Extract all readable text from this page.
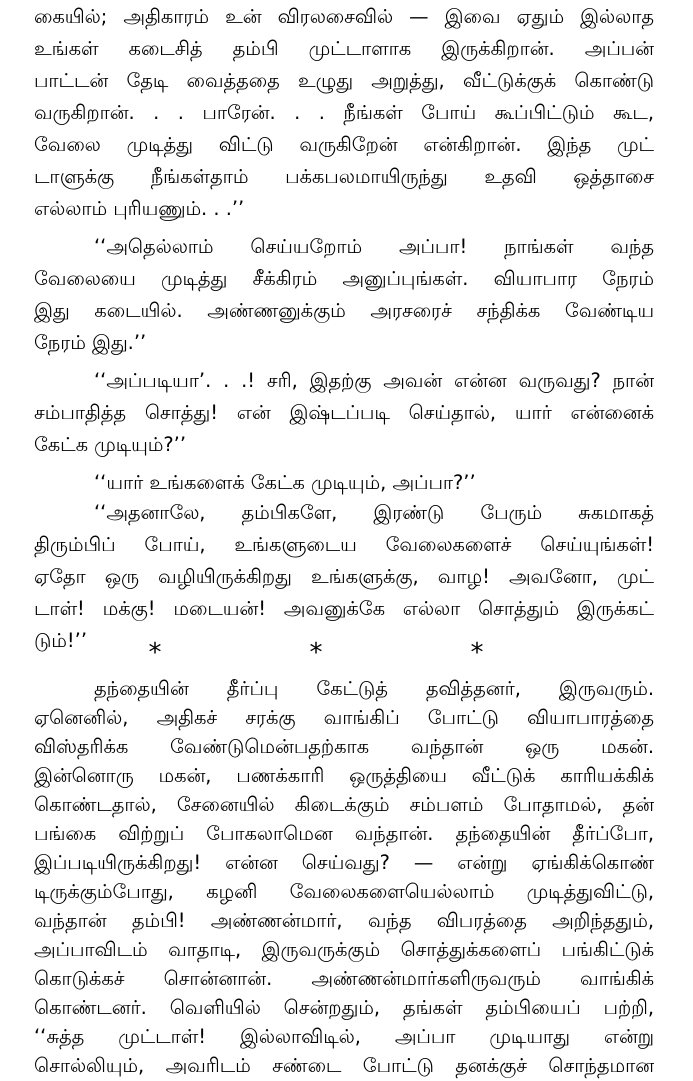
கையில்; அதிகாரம் உன் விரலசைவில் — இவை ஏதும் இல்லாத
உங்கள் கடைசித் தம்பி முட்டாளாக இருக்கிறான். அப்பன்
பாட்டன் தேடி வைத்ததை உழுது அறுத்து, வீட்டுக்குக் கொண்டு
வருகிறான். . . பாரேன். . . நீங்கள் போய் கூப்பிட்டும் கூட,
வேலை முடித்து விட்டு வருகிறேன் என்கிறான். இந்த முட்
டாளுக்கு நீங்கள்தாம் பக்கபலமாயிருந்து உதவி ஒத்தாசை
எல்லாம் புரியணும். . .’’
‘‘அதெல்லாம் செய்யறோம் அப்பா! நாங்கள் வந்த
வேலையை முடித்து சீக்கிரம் அனுப்புங்கள். வியாபார நேரம்
இது கடையில். அண்ணனுக்கும் அரசரைச் சந்திக்க வேண்டிய
நேரம் இது.’’
‘‘அப்படியா’. . .! சரி, இதற்கு அவன் என்ன வருவது? நான்
சம்பாதித்த சொத்து! என் இஷ்டப்படி செய்தால், யார் என்னைக்
கேட்க முடியும்?’’
‘‘யார் உங்களைக் கேட்க முடியும், அப்பா?’’
‘‘அதனாலே, தம்பிகளே, இரண்டு பேரும் சுகமாகத்
திரும்பிப் போய், உங்களுடைய வேலைகளைச் செய்யுங்கள்!
ஏதோ ஒரு வழியிருக்கிறது உங்களுக்கு, வாழ! அவனோ, முட்
டாள்! மக்கு! மடையன்! அவனுக்கே எல்லா சொத்தும் இருக்கட்
டும்!’’	*	*	*
தந்தையின் தீர்ப்பு கேட்டுத் தவித்தனர், இருவரும்.
ஏனெனில், அதிகச் சரக்கு வாங்கிப் போட்டு வியாபாரத்தை
விஸ்தரிக்க வேண்டுமென்பதற்காக வந்தான் ஒரு மகன்.
இன்னொரு மகன், பணக்காரி ஒருத்தியை வீட்டுக் காரியக்கிக்
கொண்டதால், சேனையில் கிடைக்கும் சம்பளம் போதாமல், தன்
பங்கை விற்றுப் போகலாமென வந்தான். தந்தையின் தீர்ப்போ,
இப்படியிருக்கிறது! என்ன செய்வது? — என்று ஏங்கிக்கொண்
டிருக்கும்போது, கழனி வேலைகளையெல்லாம் முடித்துவிட்டு,
வந்தான் தம்பி! அண்ணன்மார், வந்த விபரத்தை அறிந்ததும்,
அப்பாவிடம் வாதாடி, இருவருக்கும் சொத்துக்களைப் பங்கிட்டுக்
கொடுக்கச் சொன்னான். அண்ணன்மார்களிருவரும் வாங்கிக்
கொண்டனர். வெளியில் சென்றதும், தங்கள் தம்பியைப் பற்றி,
‘‘சுத்த முட்டாள்! இல்லாவிடில், அப்பா முடியாது என்று
சொல்லியும், அவரிடம் சண்டை போட்டு தனக்குச் சொந்தமான
